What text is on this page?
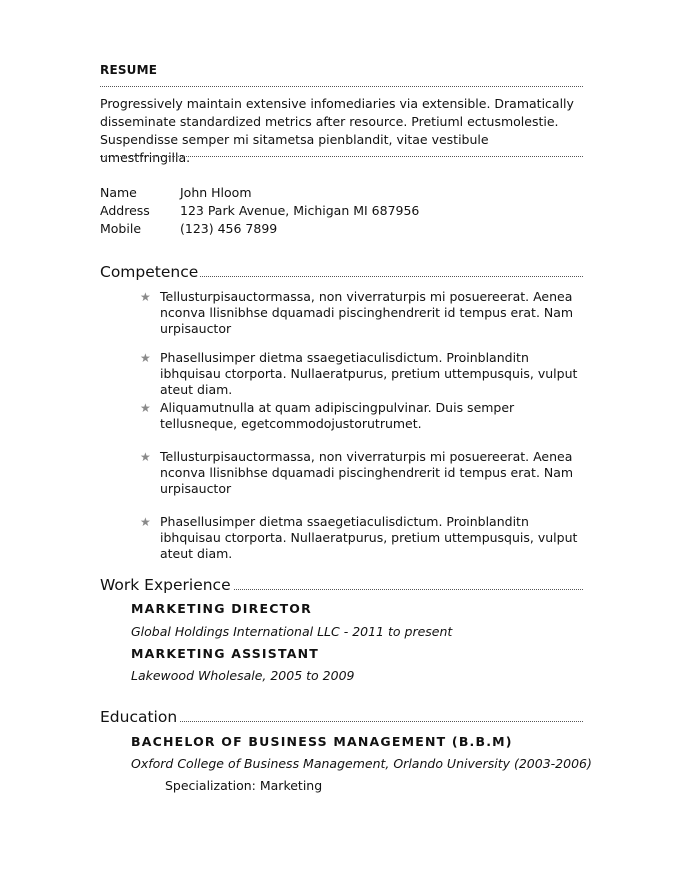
RESUME
Progressively maintain extensive infomediaries via extensible. Dramatically disseminate standardized metrics after resource. Pretiuml ectusmolestie. Suspendisse semper mi sitametsa pienblandit, vitae vestibule umestfringilla.
Name	John Hloom
Address 123 Park Avenue, Michigan MI 687956
Mobile	(123) 456 7899
Competence
★ Tellusturpisauctormassa, non viverraturpis mi posuereerat. Aenea nconva llisnibhse dquamadi piscinghendrerit id tempus erat. Nam urpisauctor
★ Phasellusimper dietma ssaegetiaculisdictum. Proinblanditn ibhquisau ctorporta. Nullaeratpurus, pretium uttempusquis, vulput ateut diam.
★ Aliquamutnulla at quam adipiscingpulvinar. Duis semper tellusneque, egetcommodojustorutrumet.
★ Tellusturpisauctormassa, non viverraturpis mi posuereerat. Aenea nconva llisnibhse dquamadi piscinghendrerit id tempus erat. Nam urpisauctor
★ Phasellusimper dietma ssaegetiaculisdictum. Proinblanditn ibhquisau ctorporta. Nullaeratpurus, pretium uttempusquis, vulput ateut diam.
Work Experience
MARKETING DIRECTOR
Global Holdings International LLC - 2011 to present
MARKETING ASSISTANT
Lakewood Wholesale, 2005 to 2009
Education
BACHELOR OF BUSINESS MANAGEMENT (B.B.M)
Oxford College of Business Management, Orlando University (2003-2006)
Specialization: Marketing
